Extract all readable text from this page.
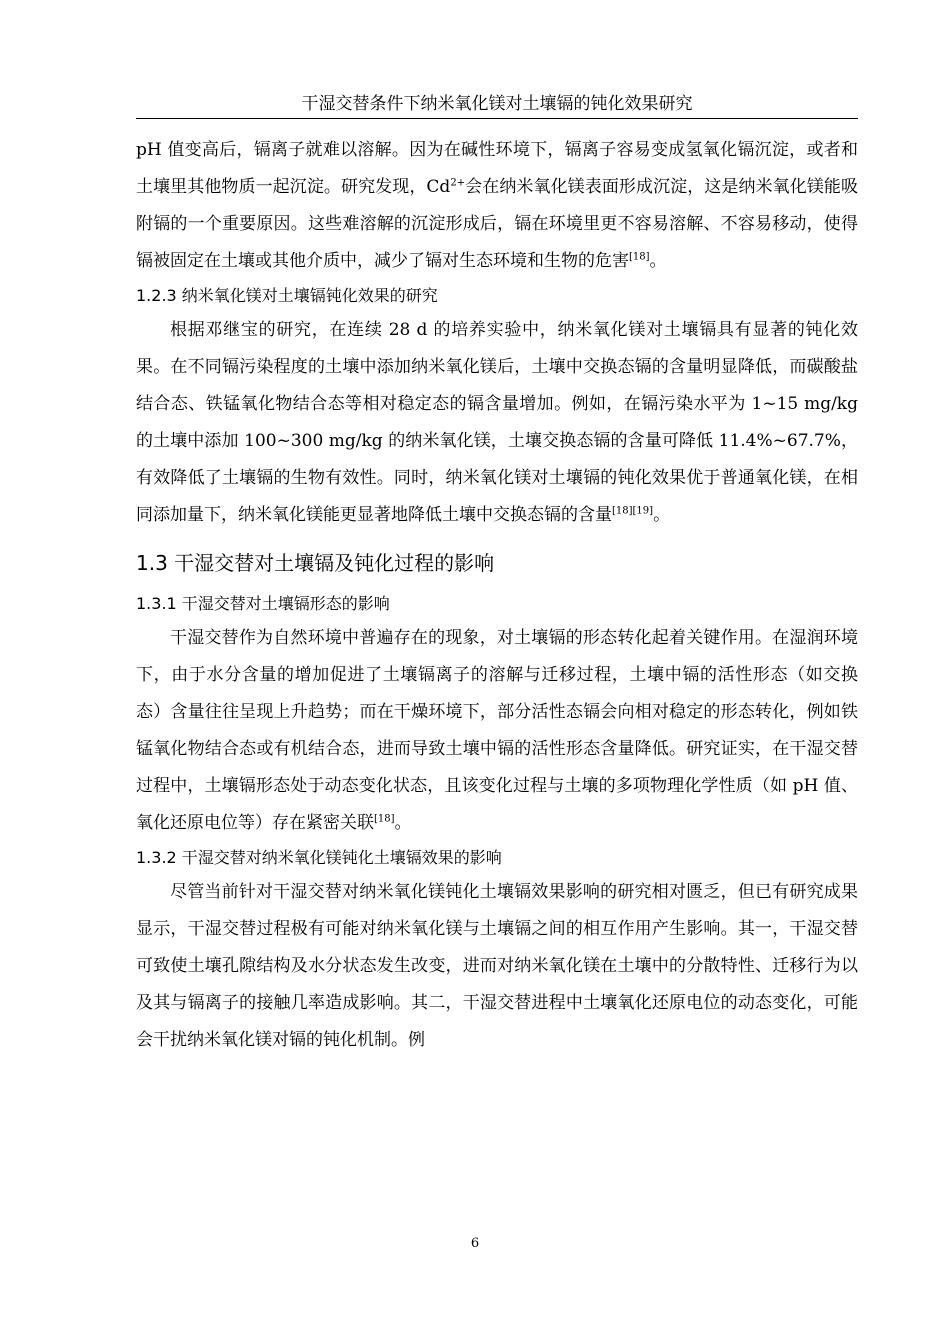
干湿交替条件下纳米氧化镁对土壤镉的钝化效果研究

pH 值变高后，镉离子就难以溶解。因为在碱性环境下，镉离子容易变成氢氧化镉沉淀，或者和土壤里其他物质一起沉淀。研究发现，$Cd^{2+}$会在纳米氧化镁表面形成沉淀，这是纳米氧化镁能吸附镉的一个重要原因。这些难溶解的沉淀形成后，镉在环境里更不容易溶解、不容易移动，使得镉被固定在土壤或其他介质中，减少了镉对生态环境和生物的危害[18]。

1.2.3 纳米氧化镁对土壤镉钝化效果的研究

根据邓继宝的研究，在连续 28 d 的培养实验中，纳米氧化镁对土壤镉具有显著的钝化效果。在不同镉污染程度的土壤中添加纳米氧化镁后，土壤中交换态镉的含量明显降低，而碳酸盐结合态、铁锰氧化物结合态等相对稳定态的镉含量增加。例如，在镉污染水平为 1~15 mg/kg 的土壤中添加 100~300 mg/kg 的纳米氧化镁，土壤交换态镉的含量可降低 11.4%~67.7%，有效降低了土壤镉的生物有效性。同时，纳米氧化镁对土壤镉的钝化效果优于普通氧化镁，在相同添加量下，纳米氧化镁能更显著地降低土壤中交换态镉的含量[18][19]。

1.3 干湿交替对土壤镉及钝化过程的影响
1.3.1 干湿交替对土壤镉形态的影响

干湿交替作为自然环境中普遍存在的现象，对土壤镉的形态转化起着关键作用。在湿润环境下，由于水分含量的增加促进了土壤镉离子的溶解与迁移过程，土壤中镉的活性形态（如交换态）含量往往呈现上升趋势；而在干燥环境下，部分活性态镉会向相对稳定的形态转化，例如铁锰氧化物结合态或有机结合态，进而导致土壤中镉的活性形态含量降低。研究证实，在干湿交替过程中，土壤镉形态处于动态变化状态，且该变化过程与土壤的多项物理化学性质（如 pH 值、氧化还原电位等）存在紧密关联[18]。

1.3.2 干湿交替对纳米氧化镁钝化土壤镉效果的影响

尽管当前针对干湿交替对纳米氧化镁钝化土壤镉效果影响的研究相对匮乏，但已有研究成果显示，干湿交替过程极有可能对纳米氧化镁与土壤镉之间的相互作用产生影响。其一，干湿交替可致使土壤孔隙结构及水分状态发生改变，进而对纳米氧化镁在土壤中的分散特性、迁移行为以及其与镉离子的接触几率造成影响。其二，干湿交替进程中土壤氧化还原电位的动态变化，可能会干扰纳米氧化镁对镉的钝化机制。例

6
